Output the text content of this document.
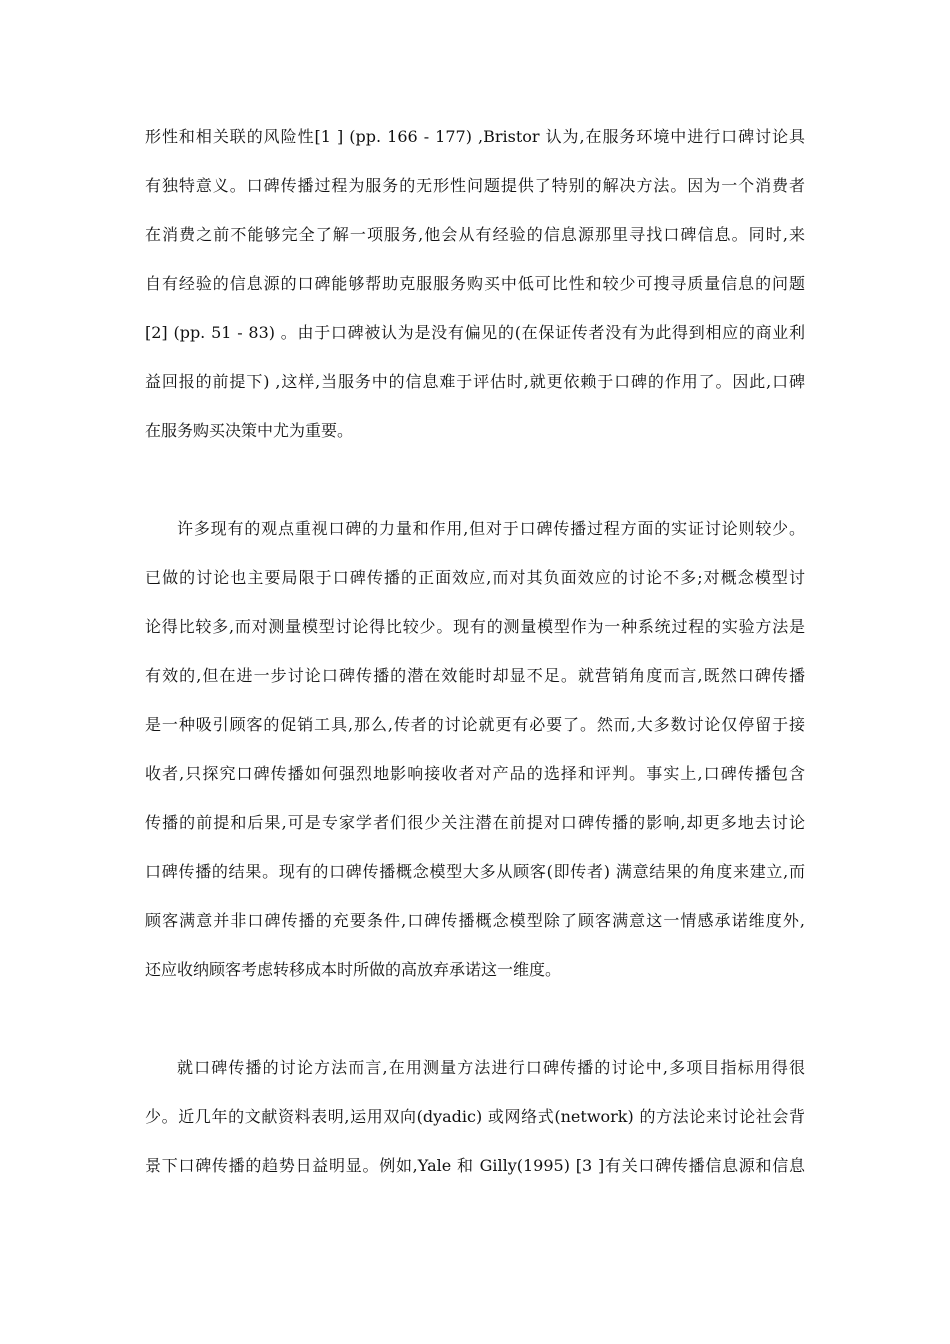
形性和相关联的风险性[1 ] (pp. 166 - 177) ,Bristor 认为,在服务环境中进行口碑讨论具
有独特意义。口碑传播过程为服务的无形性问题提供了特别的解决方法。因为一个消费者
在消费之前不能够完全了解一项服务,他会从有经验的信息源那里寻找口碑信息。同时,来
自有经验的信息源的口碑能够帮助克服服务购买中低可比性和较少可搜寻质量信息的问题
[2] (pp. 51 - 83) 。由于口碑被认为是没有偏见的(在保证传者没有为此得到相应的商业利
益回报的前提下) ,这样,当服务中的信息难于评估时,就更依赖于口碑的作用了。因此,口碑
在服务购买决策中尤为重要。
许多现有的观点重视口碑的力量和作用,但对于口碑传播过程方面的实证讨论则较少。
已做的讨论也主要局限于口碑传播的正面效应,而对其负面效应的讨论不多;对概念模型讨
论得比较多,而对测量模型讨论得比较少。现有的测量模型作为一种系统过程的实验方法是
有效的,但在进一步讨论口碑传播的潜在效能时却显不足。就营销角度而言,既然口碑传播
是一种吸引顾客的促销工具,那么,传者的讨论就更有必要了。然而,大多数讨论仅停留于接
收者,只探究口碑传播如何强烈地影响接收者对产品的选择和评判。事实上,口碑传播包含
传播的前提和后果,可是专家学者们很少关注潜在前提对口碑传播的影响,却更多地去讨论
口碑传播的结果。现有的口碑传播概念模型大多从顾客(即传者) 满意结果的角度来建立,而
顾客满意并非口碑传播的充要条件,口碑传播概念模型除了顾客满意这一情感承诺维度外,
还应收纳顾客考虑转移成本时所做的高放弃承诺这一维度。
就口碑传播的讨论方法而言,在用测量方法进行口碑传播的讨论中,多项目指标用得很
少。近几年的文献资料表明,运用双向(dyadic) 或网络式(network) 的方法论来讨论社会背
景下口碑传播的趋势日益明显。例如,Yale 和 Gilly(1995) [3 ]有关口碑传播信息源和信息
